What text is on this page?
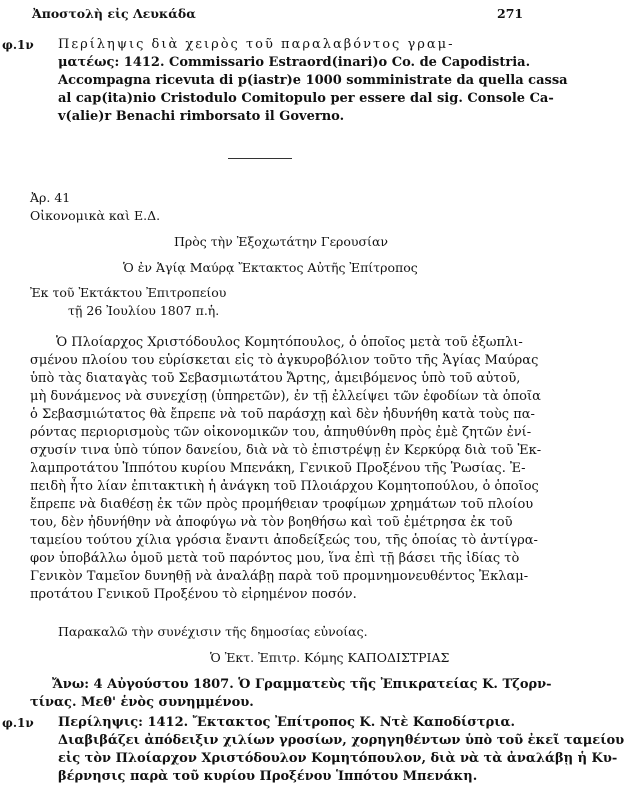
Ἀποστολὴ εἰς Λευκάδα	271
φ.1ν Περίληψις διὰ χειρὸς τοῦ παραλαβόντος γραμ-
ματέως: 1412. Commissario Estraord(inari)o Co. de Capodistria.
Accompagna ricevuta di p(iastr)e 1000 somministrate da quella cassa
al cap(ita)nio Cristodulo Comitopulo per essere dal sig. Console Ca-
v(alie)r Benachi rimborsato il Governo.
Ἀρ. 41
Οἰκονομικὰ καὶ Ε.Δ.
Πρὸς τὴν Ἐξοχωτάτην Γερουσίαν
Ὁ ἐν Ἁγίᾳ Μαύρᾳ Ἔκτακτος Αὐτῆς Ἐπίτροπος
Ἐκ τοῦ Ἐκτάκτου Ἐπιτροπείου
τῇ 26 Ἰουλίου 1807 π.ἡ.
Ὁ Πλοίαρχος Χριστόδουλος Κομητόπουλος, ὁ ὁποῖος μετὰ τοῦ ἐξωπλι-
σμένου πλοίου του εὑρίσκεται εἰς τὸ ἀγκυροβόλιον τοῦτο τῆς Ἁγίας Μαύρας
ὑπὸ τὰς διαταγὰς τοῦ Σεβασμιωτάτου Ἄρτης, ἀμειβόμενος ὑπὸ τοῦ αὐτοῦ,
μὴ δυνάμενος νὰ συνεχίσῃ (ὑπηρετῶν), ἐν τῇ ἐλλείψει τῶν ἐφοδίων τὰ ὁποῖα
ὁ Σεβασμιώτατος θὰ ἔπρεπε νὰ τοῦ παράσχῃ καὶ δὲν ἠδυνήθη κατὰ τοὺς πα-
ρόντας περιορισμοὺς τῶν οἰκονομικῶν του, ἀπηυθύνθη πρὸς ἐμὲ ζητῶν ἐνί-
σχυσίν τινα ὑπὸ τύπον δανείου, διὰ νὰ τὸ ἐπιστρέψῃ ἐν Κερκύρᾳ διὰ τοῦ Ἐκ-
λαμπροτάτου Ἱππότου κυρίου Μπενάκη, Γενικοῦ Προξένου τῆς Ῥωσίας. Ἐ-
πειδὴ ἦτο λίαν ἐπιτακτικὴ ἡ ἀνάγκη τοῦ Πλοιάρχου Κομητοπούλου, ὁ ὁποῖος
ἔπρεπε νὰ διαθέσῃ ἐκ τῶν πρὸς προμήθειαν τροφίμων χρημάτων τοῦ πλοίου
του, δὲν ἠδυνήθην νὰ ἀποφύγω νὰ τὸν βοηθήσω καὶ τοῦ ἐμέτρησα ἐκ τοῦ
ταμείου τούτου χίλια γρόσια ἔναντι ἀποδείξεώς του, τῆς ὁποίας τὸ ἀντίγρα-
φον ὑποβάλλω ὁμοῦ μετὰ τοῦ παρόντος μου, ἵνα ἐπὶ τῇ βάσει τῆς ἰδίας τὸ
Γενικὸν Ταμεῖον δυνηθῇ νὰ ἀναλάβῃ παρὰ τοῦ προμνημονευθέντος Ἐκλαμ-
προτάτου Γενικοῦ Προξένου τὸ εἰρημένον ποσόν.
Παρακαλῶ τὴν συνέχισιν τῆς δημοσίας εὐνοίας.
Ὁ Ἐκτ. Ἐπιτρ. Κόμης ΚΑΠΟΔΙΣΤΡΙΑΣ
Ἄνω: 4 Αὐγούστου 1807. Ὁ Γραμματεὺς τῆς Ἐπικρατείας Κ. Τζορν-
τίνας. Μεθ' ἑνὸς συνημμένου.
φ.1ν Περίληψις: 1412. Ἔκτακτος Ἐπίτροπος Κ. Ντὲ Καποδίστρια.
Διαβιβάζει ἀπόδειξιν χιλίων γροσίων, χορηγηθέντων ὑπὸ τοῦ ἐκεῖ ταμείου
εἰς τὸν Πλοίαρχον Χριστόδουλον Κομητόπουλον, διὰ νὰ τὰ ἀναλάβῃ ἡ Κυ-
βέρνησις παρὰ τοῦ κυρίου Προξένου Ἱππότου Μπενάκη.
